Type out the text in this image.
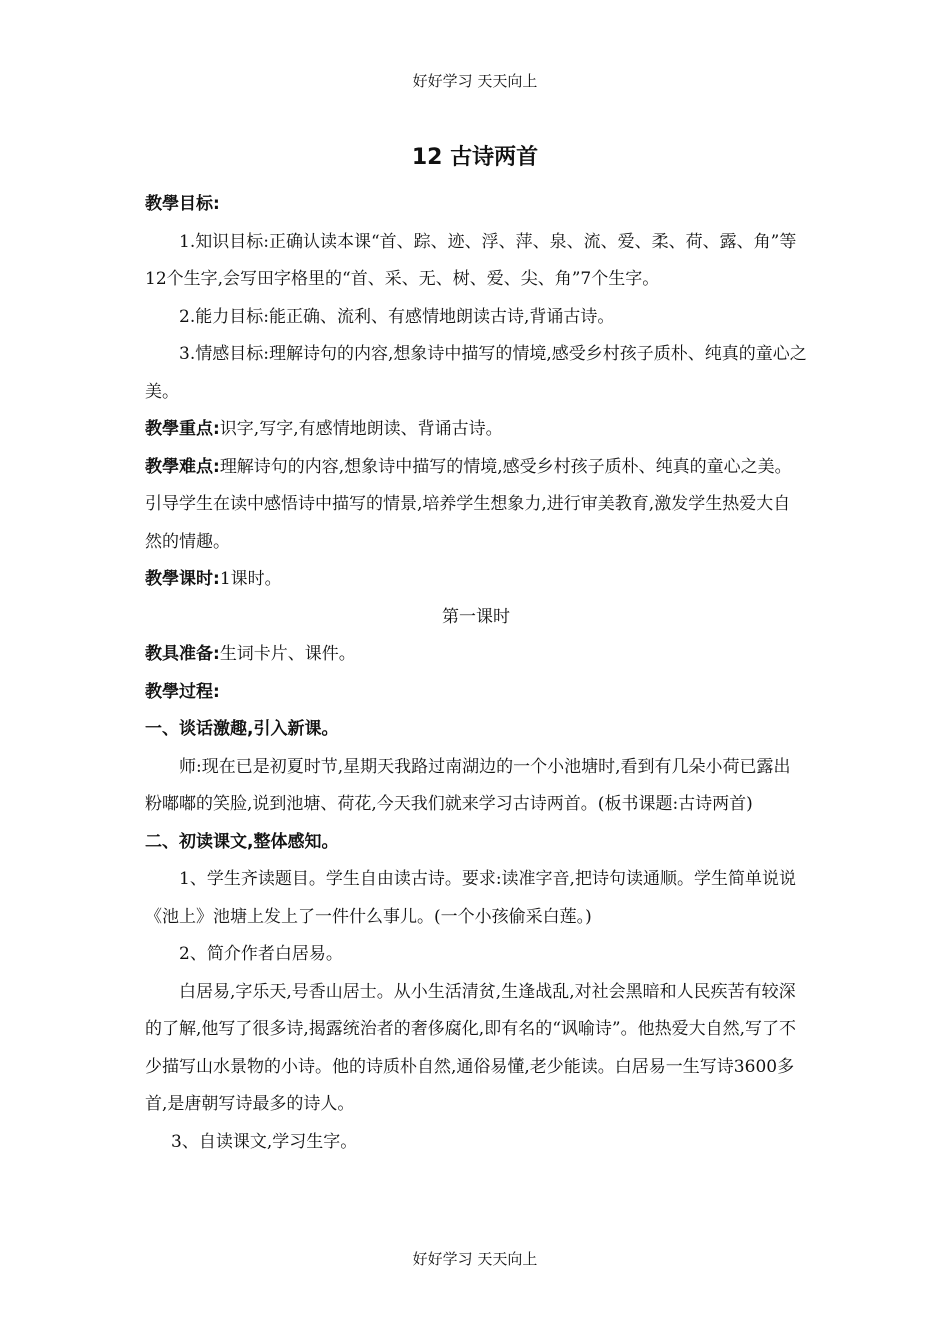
好好学习 天天向上
12 古诗两首

教學目标:

1.知识目标:正确认读本课“首、踪、迹、浮、萍、泉、流、爱、柔、荷、露、角”等12个生字,会写田字格里的“首、采、无、树、爱、尖、角”7个生字。

2.能力目标:能正确、流利、有感情地朗读古诗,背诵古诗。

3.情感目标:理解诗句的内容,想象诗中描写的情境,感受乡村孩子质朴、纯真的童心之美。

教學重点:识字,写字,有感情地朗读、背诵古诗。

教學难点:理解诗句的内容,想象诗中描写的情境,感受乡村孩子质朴、纯真的童心之美。引导学生在读中感悟诗中描写的情景,培养学生想象力,进行审美教育,激发学生热爱大自然的情趣。

教學课时:1课时。

第一课时

教具准备:生词卡片、课件。

教學过程:

一、谈话激趣,引入新课。

师:现在已是初夏时节,星期天我路过南湖边的一个小池塘时,看到有几朵小荷已露出粉嘟嘟的笑脸,说到池塘、荷花,今天我们就来学习古诗两首。(板书课题:古诗两首)

二、初读课文,整体感知。

1、学生齐读题目。学生自由读古诗。要求:读准字音,把诗句读通顺。学生简单说说《池上》池塘上发上了一件什么事儿。(一个小孩偷采白莲。)

2、简介作者白居易。

白居易,字乐天,号香山居士。从小生活清贫,生逢战乱,对社会黑暗和人民疾苦有较深的了解,他写了很多诗,揭露统治者的奢侈腐化,即有名的“讽喻诗”。他热爱大自然,写了不少描写山水景物的小诗。他的诗质朴自然,通俗易懂,老少能读。白居易一生写诗3600多首,是唐朝写诗最多的诗人。

3、自读课文,学习生字。

好好学习 天天向上
